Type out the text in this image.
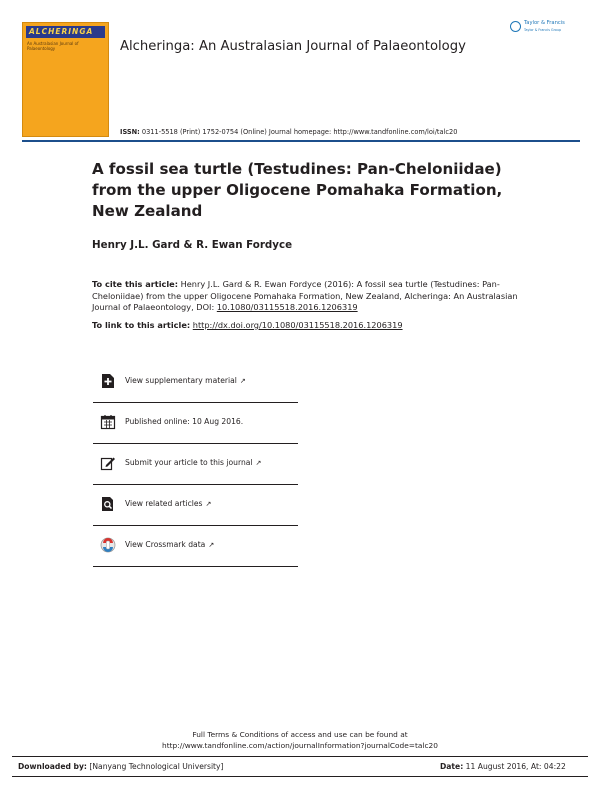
ALCHERINGA
An Australasian Journal of Palaeontology	Alcheringa: An Australasian Journal of Palaeontology
Taylor & Francis
Taylor & Francis Group
ISSN: 0311-5518 (Print) 1752-0754 (Online) Journal homepage: http://www.tandfonline.com/loi/talc20
A fossil sea turtle (Testudines: Pan-Cheloniidae) from the upper Oligocene Pomahaka Formation, New Zealand
Henry J.L. Gard & R. Ewan Fordyce
To cite this article: Henry J.L. Gard & R. Ewan Fordyce (2016): A fossil sea turtle (Testudines: Pan-Cheloniidae) from the upper Oligocene Pomahaka Formation, New Zealand, Alcheringa: An Australasian Journal of Palaeontology, DOI: 10.1080/03115518.2016.1206319
To link to this article: http://dx.doi.org/10.1080/03115518.2016.1206319
View supplementary material ↗
Published online: 10 Aug 2016.
Submit your article to this journal ↗
View related articles ↗
View Crossmark data ↗
Full Terms & Conditions of access and use can be found at
http://www.tandfonline.com/action/journalInformation?journalCode=talc20
Downloaded by: [Nanyang Technological University]	Date: 11 August 2016, At: 04:22
